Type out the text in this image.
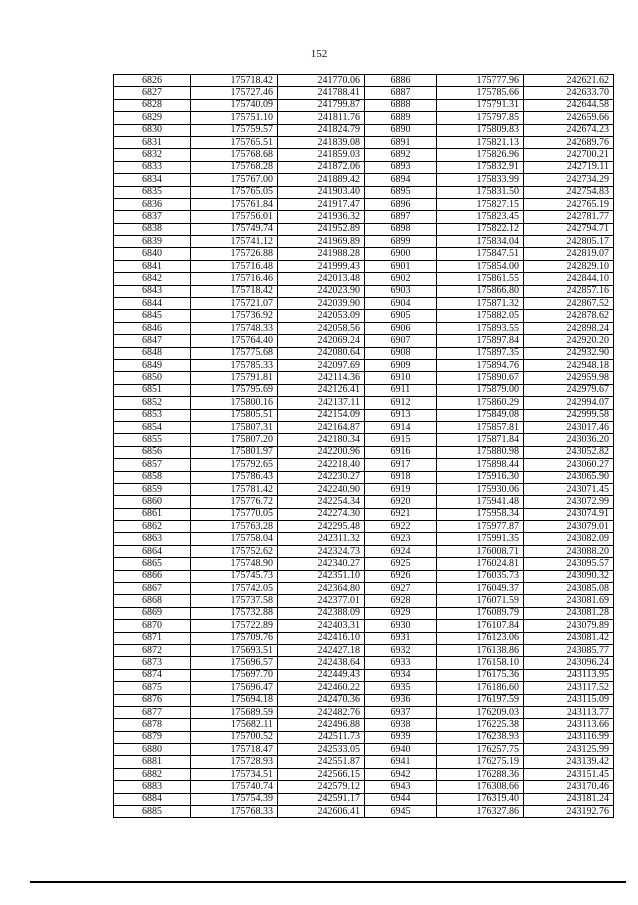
152
6826	175718.42	241770.06	6886	175777.96	242621.62
6827	175727.46	241788.41	6887	175785.66	242633.70
6828	175740.09	241799.87	6888	175791.31	242644.58
6829	175751.10	241811.76	6889	175797.85	242659.66
6830	175759.57	241824.79	6890	175809.83	242674.23
6831	175765.51	241839.08	6891	175821.13	242689.76
6832	175768.68	241859.03	6892	175826.96	242700.21
6833	175768.28	241872.06	6893	175832.91	242719.11
6834	175767.00	241889.42	6894	175833.99	242734.29
6835	175765.05	241903.40	6895	175831.50	242754.83
6836	175761.84	241917.47	6896	175827.15	242765.19
6837	175756.01	241936.32	6897	175823.45	242781.77
6838	175749.74	241952.89	6898	175822.12	242794.71
6839	175741.12	241969.89	6899	175834.04	242805.17
6840	175726.88	241988.28	6900	175847.51	242819.07
6841	175716.48	241999.43	6901	175854.00	242829.10
6842	175716.46	242013.48	6902	175861.55	242844.10
6843	175718.42	242023.90	6903	175866.80	242857.16
6844	175721.07	242039.90	6904	175871.32	242867.52
6845	175736.92	242053.09	6905	175882.05	242878.62
6846	175748.33	242058.56	6906	175893.55	242898.24
6847	175764.40	242069.24	6907	175897.84	242920.20
6848	175775.68	242080.64	6908	175897.35	242932.90
6849	175785.33	242097.69	6909	175894.76	242948.18
6850	175791.81	242114.36	6910	175890.67	242959.98
6851	175795.69	242126.41	6911	175879.00	242979.67
6852	175800.16	242137.11	6912	175860.29	242994.07
6853	175805.51	242154.09	6913	175849.08	242999.58
6854	175807.31	242164.87	6914	175857.81	243017.46
6855	175807.20	242180.34	6915	175871.84	243036.20
6856	175801.97	242200.96	6916	175880.98	243052.82
6857	175792.65	242218.40	6917	175898.44	243060.27
6858	175786.43	242230.27	6918	175916.30	243065.90
6859	175781.42	242240.90	6919	175930.06	243071.45
6860	175776.72	242254.34	6920	175941.48	243072.99
6861	175770.05	242274.30	6921	175958.34	243074.91
6862	175763.28	242295.48	6922	175977.87	243079.01
6863	175758.04	242311.32	6923	175991.35	243082.09
6864	175752.62	242324.73	6924	176008.71	243088.20
6865	175748.90	242340.27	6925	176024.81	243095.57
6866	175745.73	242351.10	6926	176035.73	243090.32
6867	175742.05	242364.80	6927	176049.37	243085.08
6868	175737.58	242377.01	6928	176071.59	243081.69
6869	175732.88	242388.09	6929	176089.79	243081.28
6870	175722.89	242403.31	6930	176107.84	243079.89
6871	175709.76	242416.10	6931	176123.06	243081.42
6872	175693.51	242427.18	6932	176138.86	243085.77
6873	175696.57	242438.64	6933	176158.10	243096.24
6874	175697.70	242449.43	6934	176175.36	243113.95
6875	175696.47	242460.22	6935	176186.60	243117.52
6876	175694.18	242470.36	6936	176197.59	243115.09
6877	175689.59	242482.76	6937	176209.03	243113.77
6878	175682.11	242496.88	6938	176225.38	243113.66
6879	175700.52	242511.73	6939	176238.93	243116.99
6880	175718.47	242533.05	6940	176257.75	243125.99
6881	175728.93	242551.87	6941	176275.19	243139.42
6882	175734.51	242566.15	6942	176288.36	243151.45
6883	175740.74	242579.12	6943	176308.66	243170.46
6884	175754.39	242591.17	6944	176319.40	243181.24
6885	175768.33	242606.41	6945	176327.86	243192.76
